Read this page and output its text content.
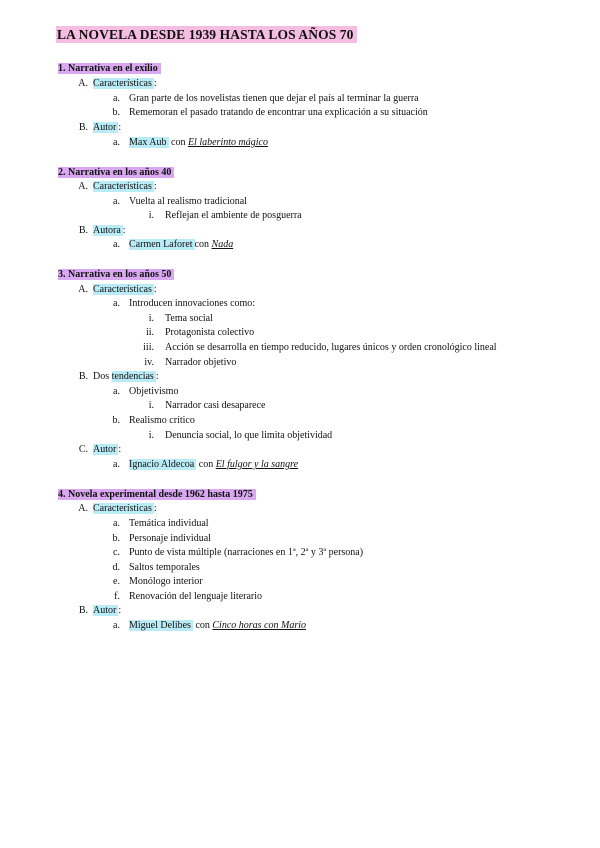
LA NOVELA DESDE 1939 HASTA LOS AÑOS 70
1. Narrativa en el exilio
A. Características :
a. Gran parte de los novelistas tienen que dejar el país al terminar la guerra
b. Rememoran el pasado tratando de encontrar una explicación a su situación
B. Autor :
a. Max Aub con El laberinto mágico
2. Narrativa en los años 40
A. Características :
a. Vuelta al realismo tradicional
i. Reflejan el ambiente de posguerra
B. Autora :
a. Carmen Laforet con Nada
3. Narrativa en los años 50
A. Características :
a. Introducen innovaciones como:
i. Tema social
ii. Protagonista colectivo
iii. Acción se desarrolla en tiempo reducido, lugares únicos y orden cronológico lineal
iv. Narrador objetivo
B. Dos tendencias :
a. Objetivismo
i. Narrador casi desaparece
b. Realismo crítico
i. Denuncia social, lo que limita objetividad
C. Autor :
a. Ignacio Aldecoa con El fulgor y la sangre
4. Novela experimental desde 1962 hasta 1975
A. Características :
a. Temática individual
b. Personaje individual
c. Punto de vista múltiple (narraciones en 1ª, 2ª y 3ª persona)
d. Saltos temporales
e. Monólogo interior
f. Renovación del lenguaje literario
B. Autor :
a. Miguel Delibes con Cinco horas con Mario
